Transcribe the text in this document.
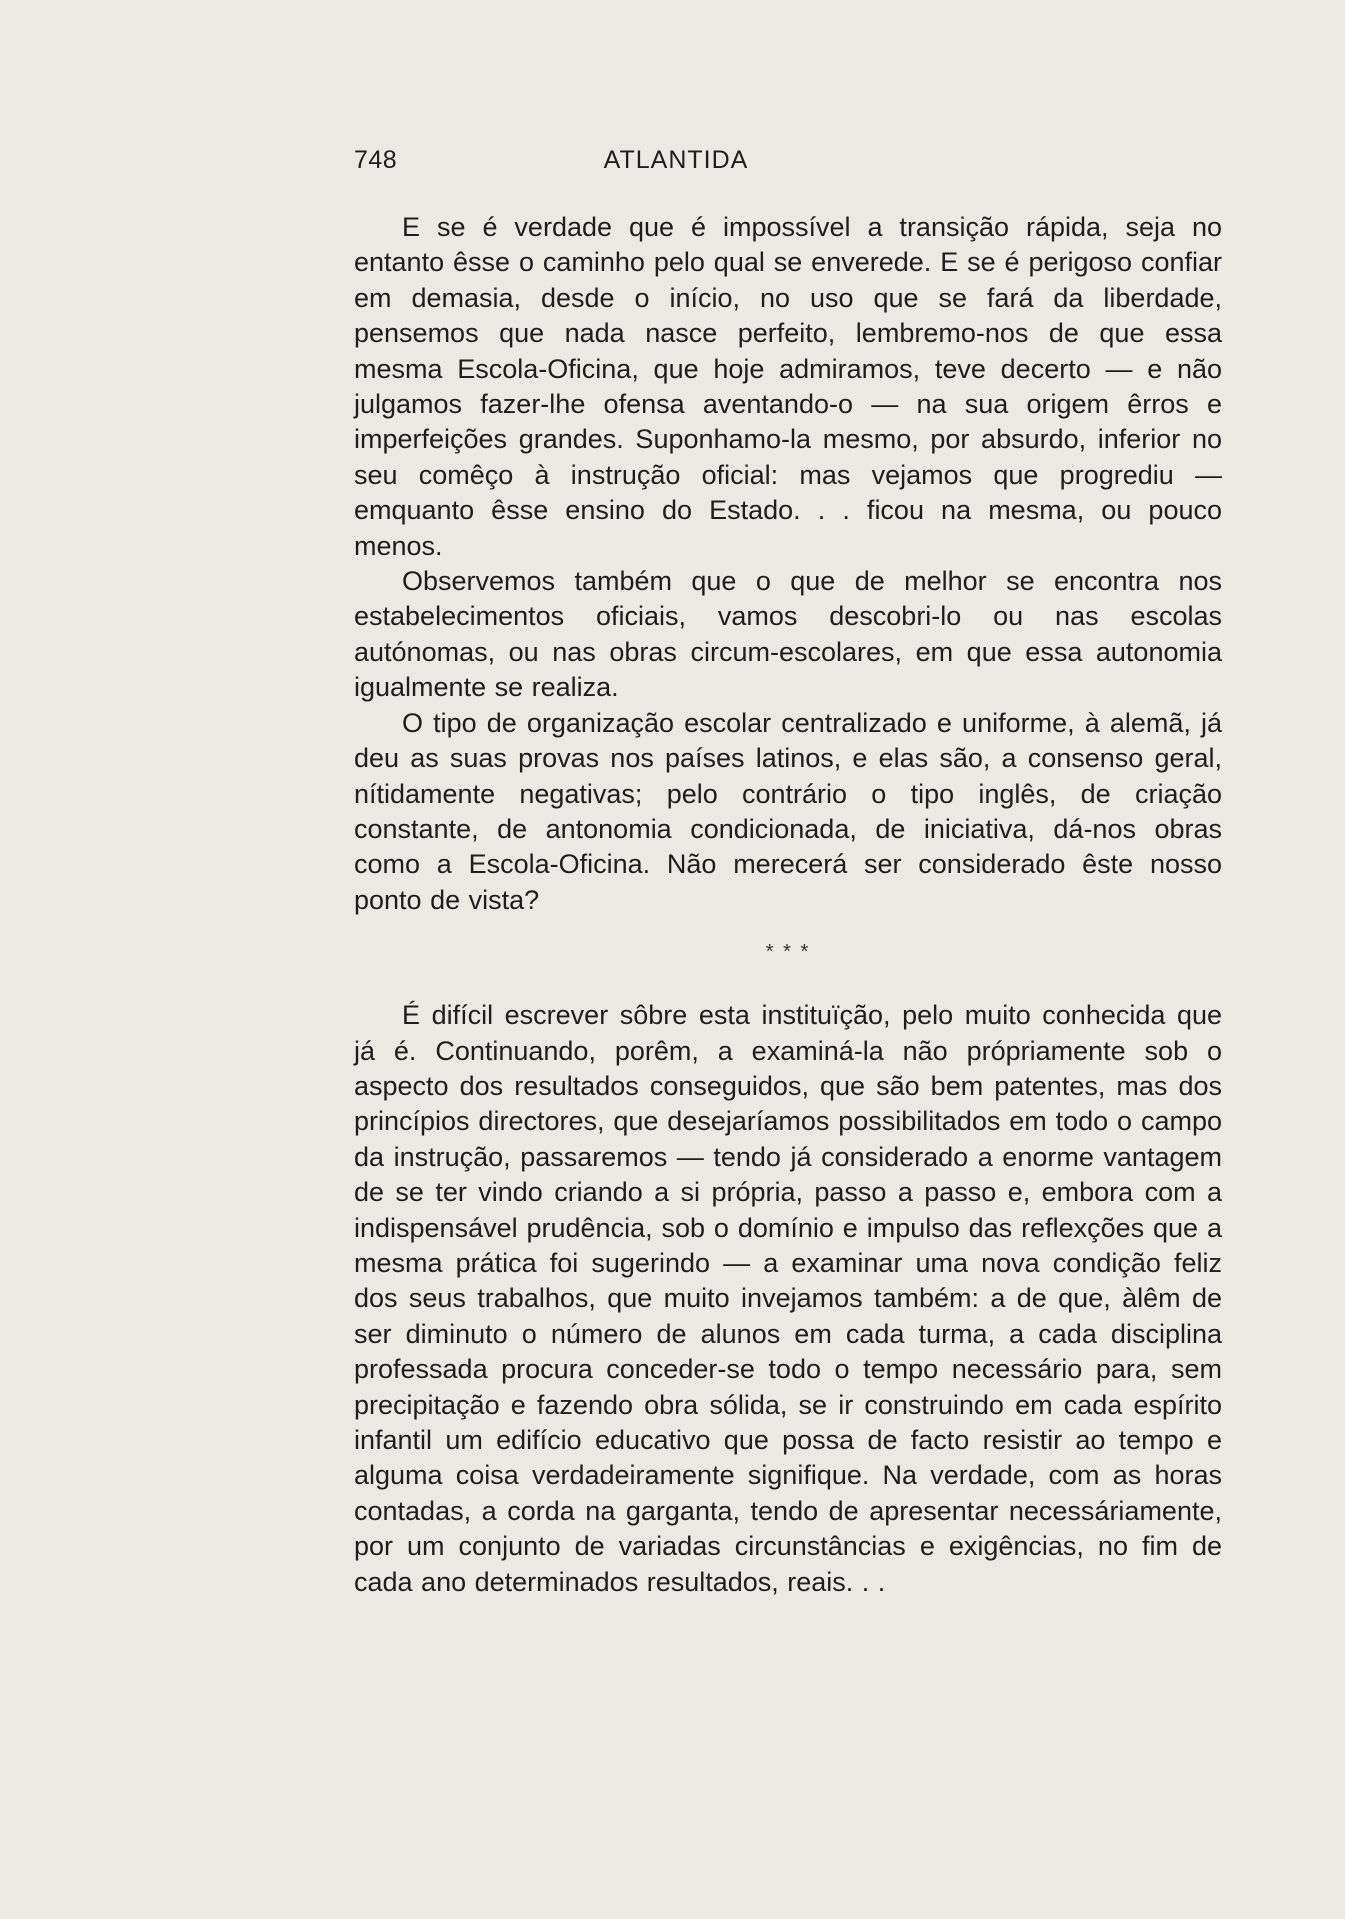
748	ATLANTIDA

E se é verdade que é impossível a transição rápida, seja no entanto êsse o caminho pelo qual se enverede. E se é perigoso confiar em demasia, desde o início, no uso que se fará da liberdade, pensemos que nada nasce perfeito, lembremo-nos de que essa mesma Escola-Oficina, que hoje admiramos, teve decerto — e não julgamos fazer-lhe ofensa aventando-o — na sua origem êrros e imperfeições grandes. Suponhamo-la mesmo, por absurdo, inferior no seu comêço à instrução oficial: mas vejamos que progrediu — emquanto êsse ensino do Estado. . . ficou na mesma, ou pouco menos.

Observemos também que o que de melhor se encontra nos estabelecimentos oficiais, vamos descobri-lo ou nas escolas autónomas, ou nas obras circum-escolares, em que essa autonomia igualmente se realiza.

O tipo de organização escolar centralizado e uniforme, à alemã, já deu as suas provas nos países latinos, e elas são, a consenso geral, nítidamente negativas; pelo contrário o tipo inglês, de criação constante, de antonomia condicionada, de iniciativa, dá-nos obras como a Escola-Oficina. Não merecerá ser considerado êste nosso ponto de vista?

* * *

É difícil escrever sôbre esta instituïção, pelo muito conhecida que já é. Continuando, porêm, a examiná-la não própriamente sob o aspecto dos resultados conseguidos, que são bem patentes, mas dos princípios directores, que desejaríamos possibilitados em todo o campo da instrução, passaremos — tendo já considerado a enorme vantagem de se ter vindo criando a si própria, passo a passo e, embora com a indispensável prudência, sob o domínio e impulso das reflexções que a mesma prática foi sugerindo — a examinar uma nova condição feliz dos seus trabalhos, que muito invejamos também: a de que, àlêm de ser diminuto o número de alunos em cada turma, a cada disciplina professada procura conceder-se todo o tempo necessário para, sem precipitação e fazendo obra sólida, se ir construindo em cada espírito infantil um edifício educativo que possa de facto resistir ao tempo e alguma coisa verdadeiramente signifique. Na verdade, com as horas contadas, a corda na garganta, tendo de apresentar necessáriamente, por um conjunto de variadas circunstâncias e exigências, no fim de cada ano determinados resultados, reais. . .
